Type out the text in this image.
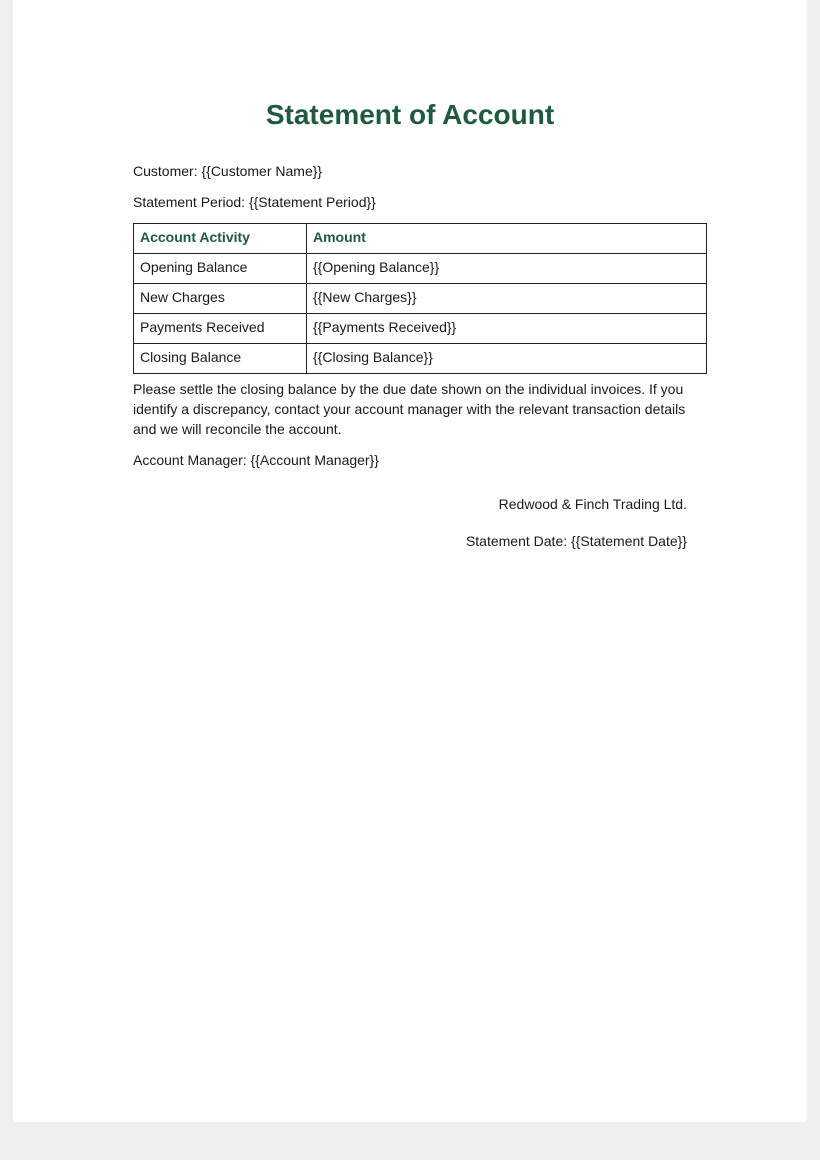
Statement of Account

Customer: {{Customer Name}}

Statement Period: {{Statement Period}}

Account Activity	Amount
Opening Balance	{{Opening Balance}}
New Charges	{{New Charges}}
Payments Received	{{Payments Received}}
Closing Balance	{{Closing Balance}}

Please settle the closing balance by the due date shown on the individual invoices. If you identify a discrepancy, contact your account manager with the relevant transaction details and we will reconcile the account.

Account Manager: {{Account Manager}}

Redwood & Finch Trading Ltd.

Statement Date: {{Statement Date}}
